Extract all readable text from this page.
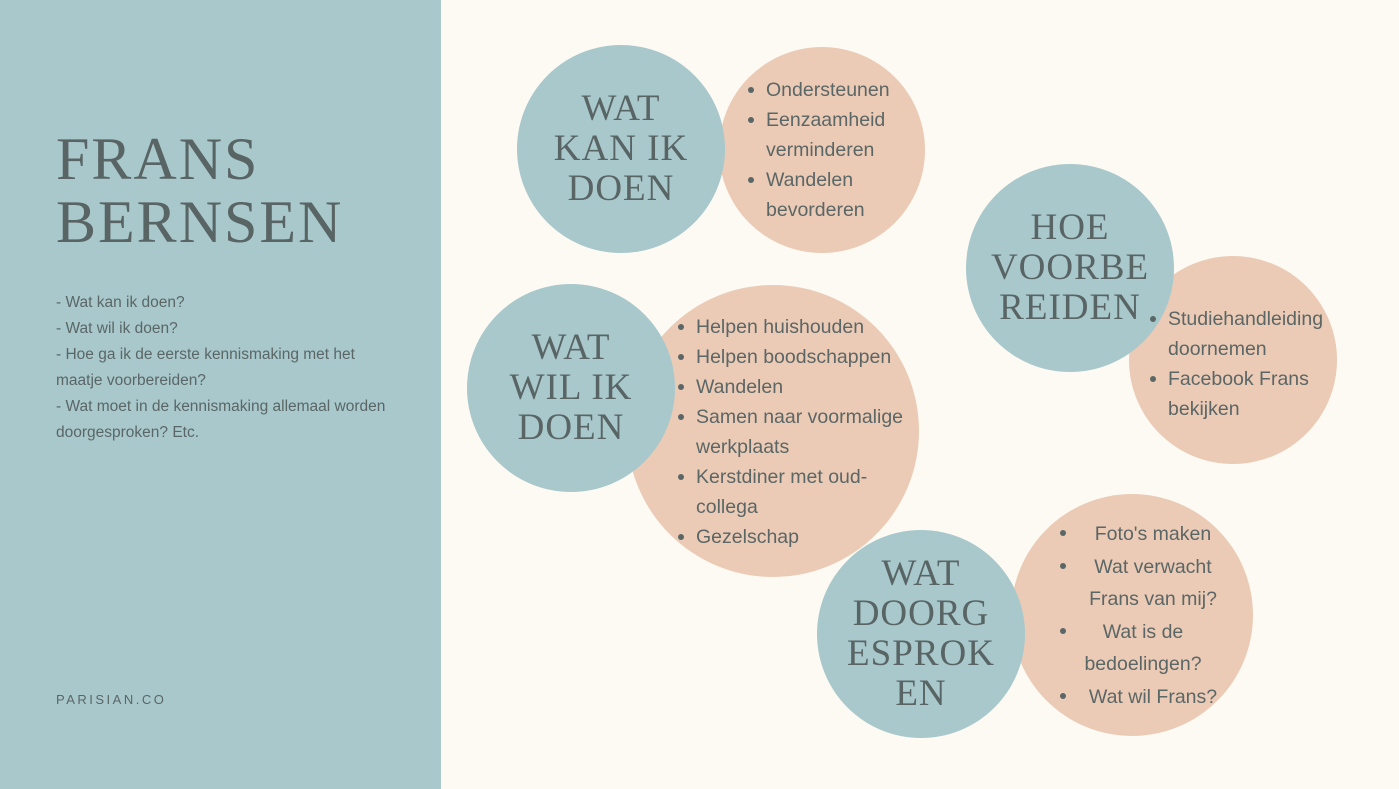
FRANS
BERNSEN
- Wat kan ik doen?
- Wat wil ik doen?
- Hoe ga ik de eerste kennismaking met het maatje voorbereiden?
- Wat moet in de kennismaking allemaal worden doorgesproken? Etc.
PARISIAN.CO
Ondersteunen
Eenzaamheid verminderen
Wandelen bevorderen
WAT
KAN IK
DOEN
Helpen huishouden
Helpen boodschappen
Wandelen
Samen naar voormalige werkplaats
Kerstdiner met oud-collega
Gezelschap
WAT
WIL IK
DOEN
HOE
VOORBE
REIDEN	Studiehandleiding doornemen
Facebook Frans bekijken
Foto's maken
Wat verwacht Frans van mij?
Wat is de bedoelingen?
Wat wil Frans?
WAT
DOORG
ESPROK
EN
